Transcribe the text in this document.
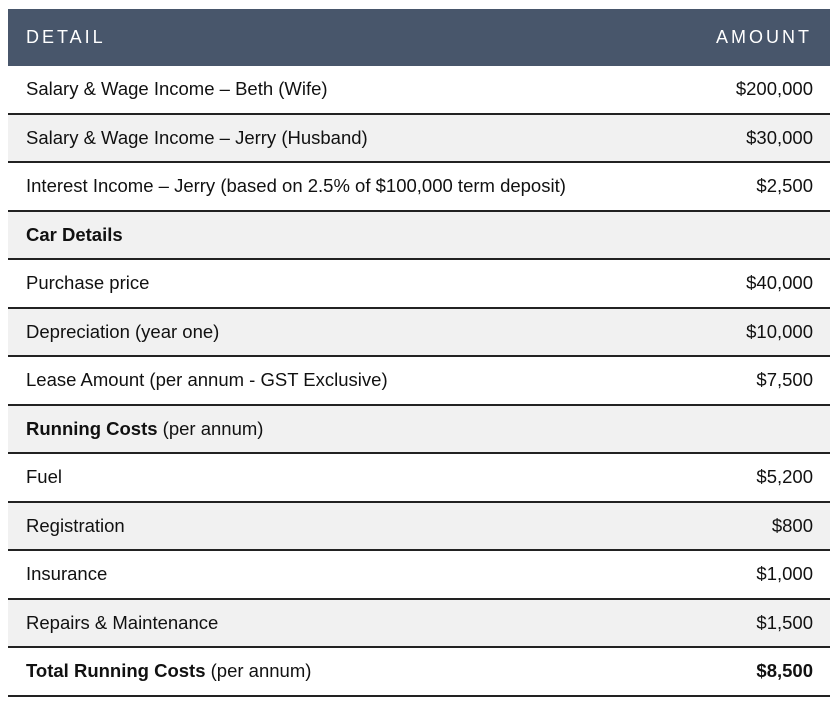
DETAIL	AMOUNT
Salary & Wage Income – Beth (Wife)	$200,000
Salary & Wage Income – Jerry (Husband)	$30,000
Interest Income – Jerry (based on 2.5% of $100,000 term deposit)	$2,500
Car Details
Purchase price	$40,000
Depreciation (year one)	$10,000
Lease Amount (per annum - GST Exclusive)	$7,500
Running Costs (per annum)
Fuel	$5,200
Registration	$800
Insurance	$1,000
Repairs & Maintenance	$1,500
Total Running Costs (per annum)	$8,500
